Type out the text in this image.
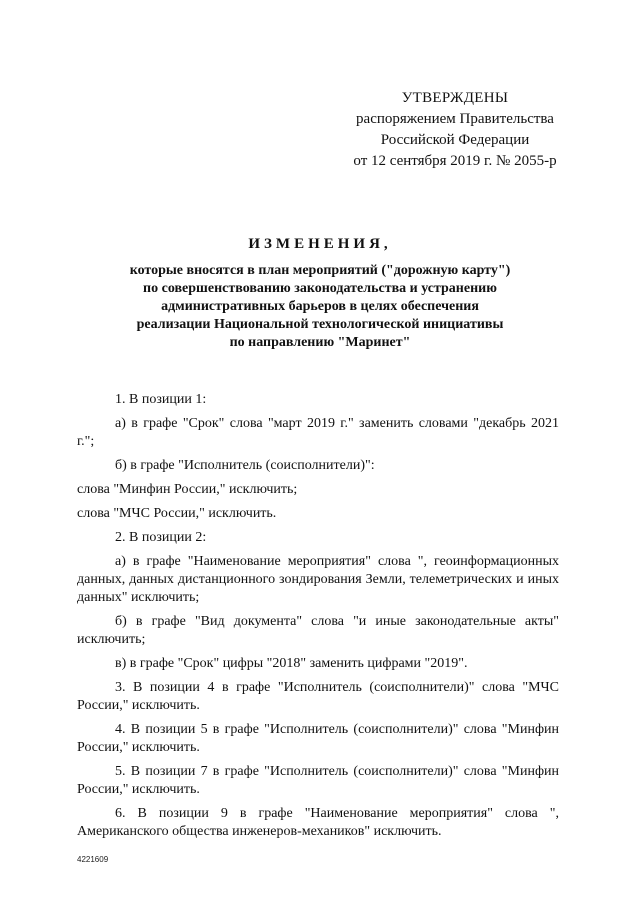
УТВЕРЖДЕНЫ
распоряжением Правительства
Российской Федерации
от 12 сентября 2019 г. № 2055-р
ИЗМЕНЕНИЯ,
которые вносятся в план мероприятий ("дорожную карту")
по совершенствованию законодательства и устранению
административных барьеров в целях обеспечения
реализации Национальной технологической инициативы
по направлению "Маринет"

1. В позиции 1:

а) в графе "Срок" слова "март 2019 г." заменить словами "декабрь 2021 г.";

б) в графе "Исполнитель (соисполнители)":

слова "Минфин России," исключить;

слова "МЧС России," исключить.

2. В позиции 2:

а) в графе "Наименование мероприятия" слова ", геоинформационных данных, данных дистанционного зондирования Земли, телеметрических и иных данных" исключить;

б) в графе "Вид документа" слова "и иные законодательные акты" исключить;

в) в графе "Срок" цифры "2018" заменить цифрами "2019".

3. В позиции 4 в графе "Исполнитель (соисполнители)" слова "МЧС России," исключить.

4. В позиции 5 в графе "Исполнитель (соисполнители)" слова "Минфин России," исключить.

5. В позиции 7 в графе "Исполнитель (соисполнители)" слова "Минфин России," исключить.

6. В позиции 9 в графе "Наименование мероприятия" слова ", Американского общества инженеров-механиков" исключить.

4221609
